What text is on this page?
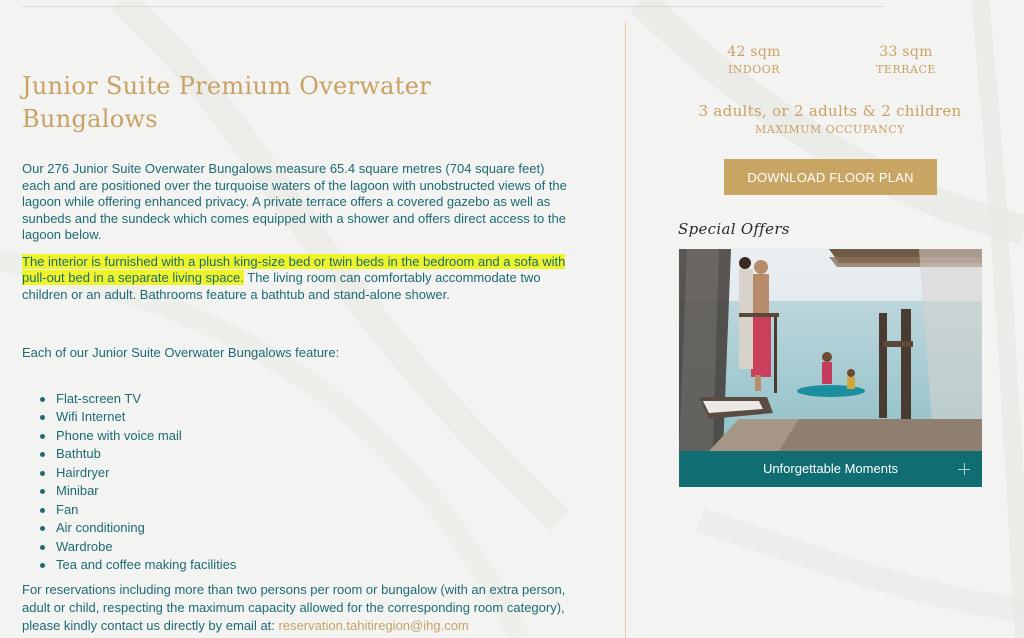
Junior Suite Premium Overwater Bungalows

Our 276 Junior Suite Overwater Bungalows measure 65.4 square metres (704 square feet) each and are positioned over the turquoise waters of the lagoon with unobstructed views of the lagoon while offering enhanced privacy. A private terrace offers a covered gazebo as well as sunbeds and the sundeck which comes equipped with a shower and offers direct access to the lagoon below.

The interior is furnished with a plush king-size bed or twin beds in the bedroom and a sofa with pull-out bed in a separate living space. The living room can comfortably accommodate two children or an adult. Bathrooms feature a bathtub and stand-alone shower.

Each of our Junior Suite Overwater Bungalows feature:

Flat-screen TV
Wifi Internet
Phone with voice mail
Bathtub
Hairdryer
Minibar
Fan
Air conditioning
Wardrobe
Tea and coffee making facilities

For reservations including more than two persons per room or bungalow (with an extra person, adult or child, respecting the maximum capacity allowed for the corresponding room category), please kindly contact us directly by email at: reservation.tahitiregion@ihg.com

42 sqm
INDOOR
33 sqm
TERRACE
3 adults, or 2 adults & 2 children
MAXIMUM OCCUPANCY
DOWNLOAD FLOOR PLAN
Special Offers
Unforgettable Moments
